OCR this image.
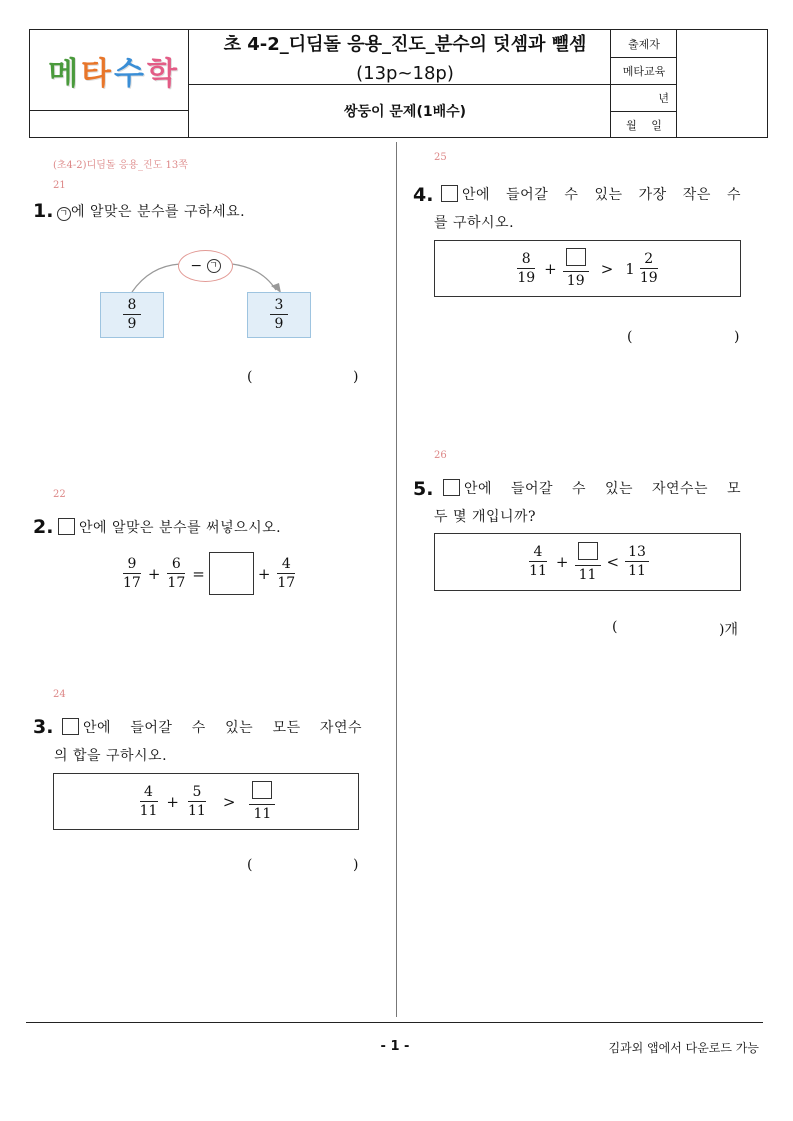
메 타 수 학
초 4-2_디딤돌 응용_진도_분수의 덧셈과 뺄셈
(13p~18p)
쌍둥이 문제(1배수)
출제자
메타교육
년
월　 일
(초4-2)디딤돌 응용_진도 13쪽
21
1. ㄱ 에 알맞은 분수를 구하세요.
−
ㄱ
$\frac{8}{9}$	$\frac{3}{9}$
(	)
22
2.	안에 알맞은 분수를 써넣으시오.
$\frac{9}{17} + \frac{6}{17}$ =	+ $\frac{4}{17}$
24
3.	안에 들어갈 수 있는 모든 자연수
의 합을 구하시오.
$\frac{4}{11} + \frac{5}{11}$ >
11
(	)
25
4.	안에 들어갈 수 있는 가장 작은 수
를 구하시오.
$\frac{8}{19}$ +
19
> $1 \frac{2}{19}$
(	)
26
5.	안에 들어갈 수 있는 자연수는 모
두 몇 개입니까?
$\frac{4}{11}$ +
11
< $\frac{13}{11}$
(	)개
- 1 -	김과외 앱에서 다운로드 가능
